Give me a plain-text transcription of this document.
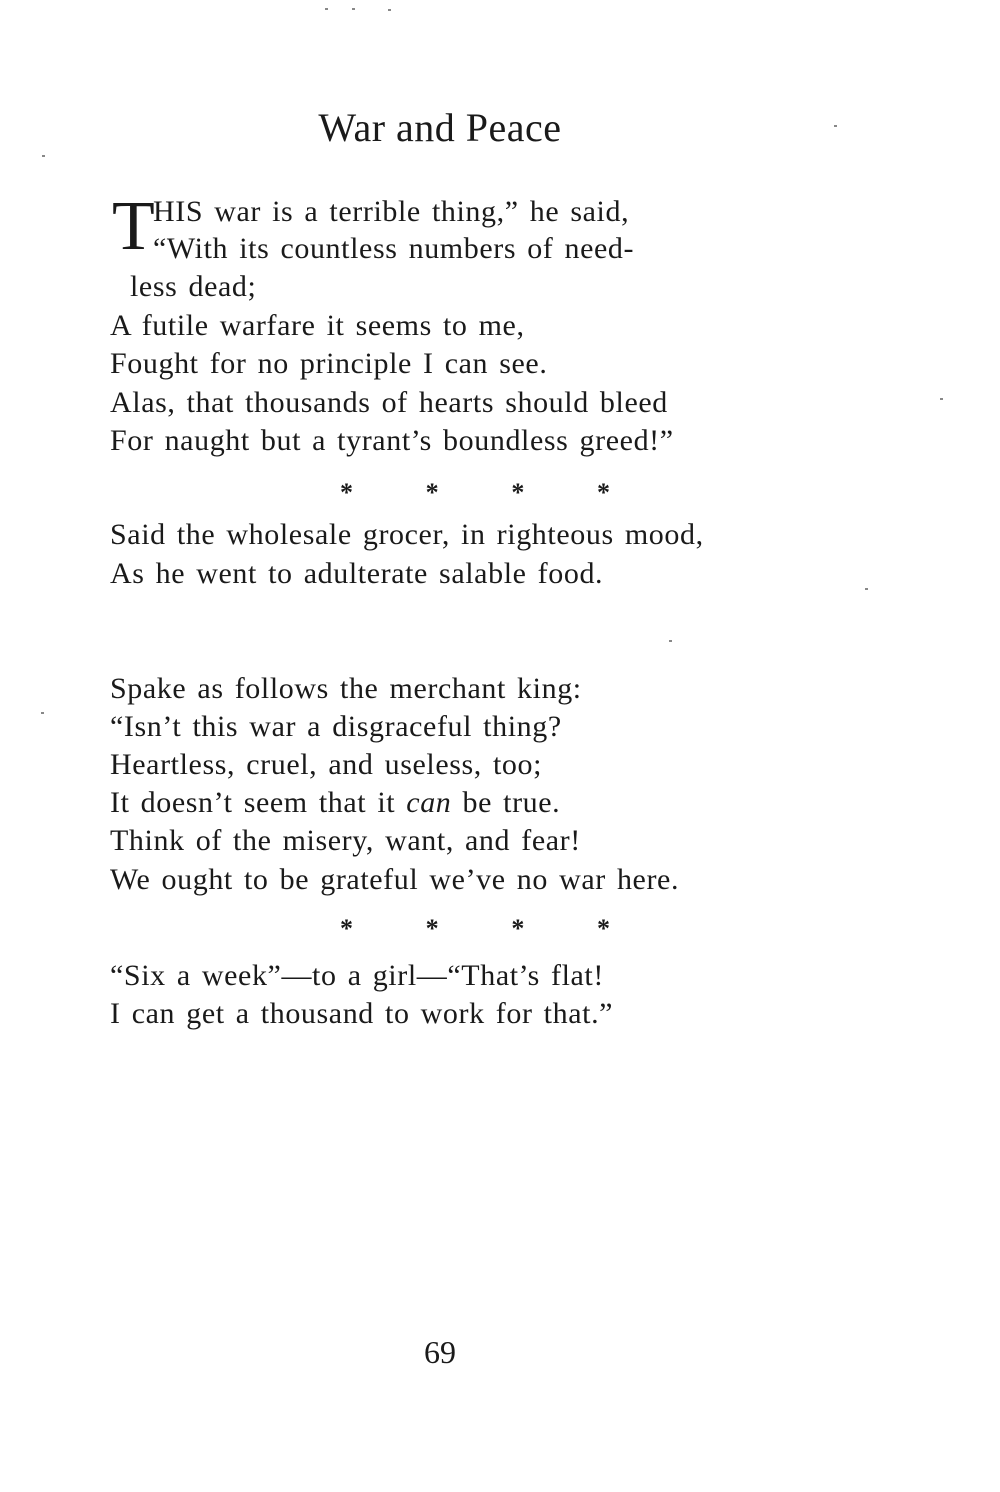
War and Peace
T
HIS war is a terrible thing,” he said,
“With its countless numbers of need-
less dead;
A futile warfare it seems to me,
Fought for no principle I can see.
Alas, that thousands of hearts should bleed
For naught but a tyrant’s boundless greed!”
*	*	*	*
Said the wholesale grocer, in righteous mood,
As he went to adulterate salable food.
Spake as follows the merchant king:
“Isn’t this war a disgraceful thing?
Heartless, cruel, and useless, too;
It doesn’t seem that it can be true.
Think of the misery, want, and fear!
We ought to be grateful we’ve no war here.
*	*	*	*
“Six a week”—to a girl—“That’s flat!
I can get a thousand to work for that.”
69
